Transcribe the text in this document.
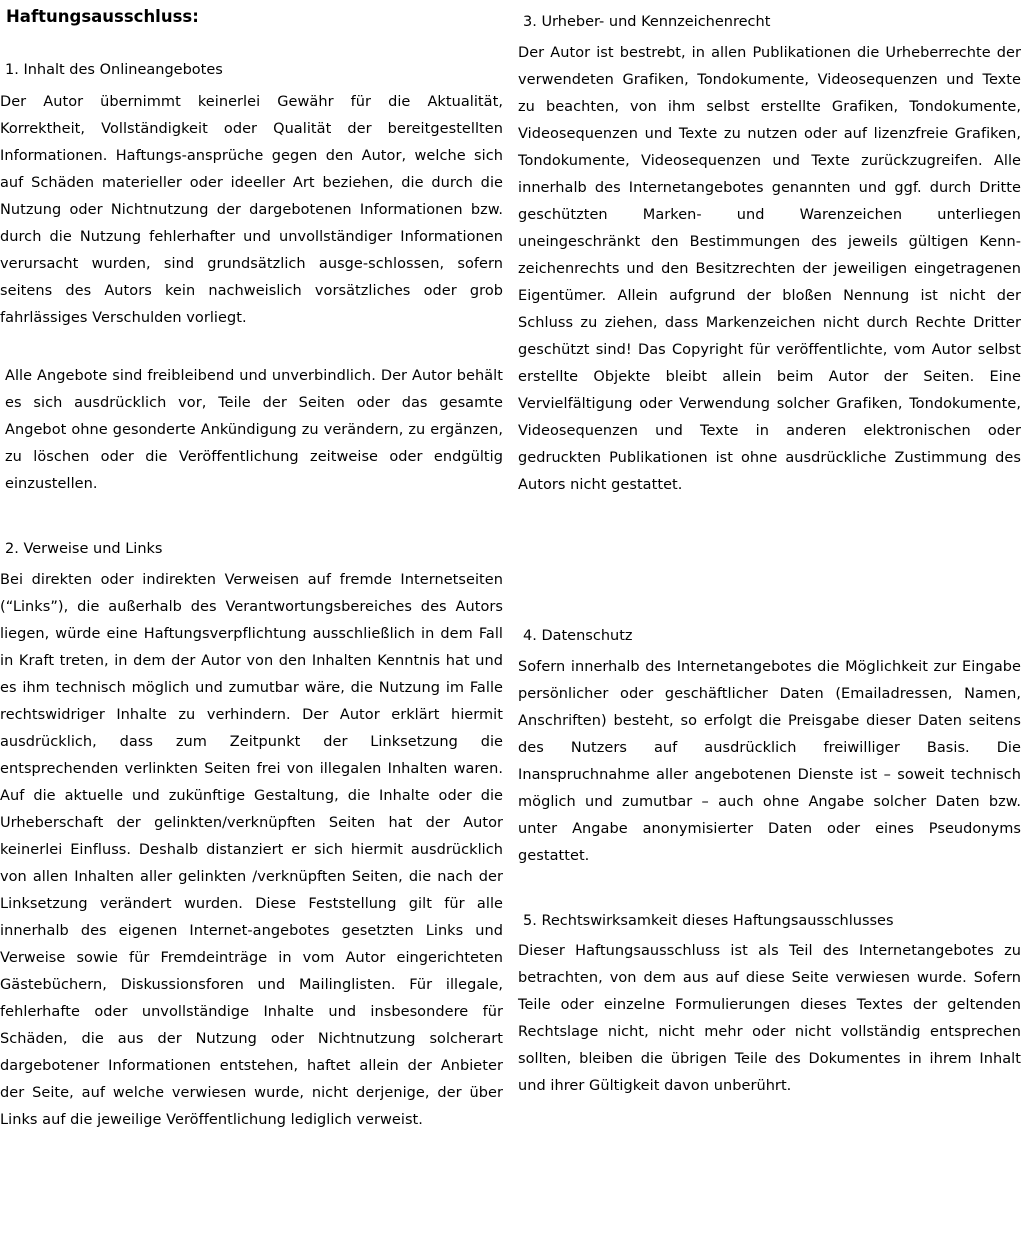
Haftungsausschluss:
1. Inhalt des Onlineangebotes

Der Autor übernimmt keinerlei Gewähr für die Aktualität, Korrektheit, Vollständigkeit oder Qualität der bereitgestellten Informationen. Haftungs-ansprüche gegen den Autor, welche sich auf Schäden materieller oder ideeller Art beziehen, die durch die Nutzung oder Nichtnutzung der dargebotenen Informationen bzw. durch die Nutzung fehlerhafter und unvollständiger Informationen verursacht wurden, sind grundsätzlich ausge-schlossen, sofern seitens des Autors kein nachweislich vorsätzliches oder grob fahrlässiges Verschulden vorliegt.

Alle Angebote sind freibleibend und unverbindlich. Der Autor behält es sich ausdrücklich vor, Teile der Seiten oder das gesamte Angebot ohne gesonderte Ankündigung zu verändern, zu ergänzen, zu löschen oder die Veröffentlichung zeitweise oder endgültig einzustellen.

2. Verweise und Links

Bei direkten oder indirekten Verweisen auf fremde Internetseiten (“Links”), die außerhalb des Verantwortungsbereiches des Autors liegen, würde eine Haftungsverpflichtung ausschließlich in dem Fall in Kraft treten, in dem der Autor von den Inhalten Kenntnis hat und es ihm technisch möglich und zumutbar wäre, die Nutzung im Falle rechtswidriger Inhalte zu verhindern. Der Autor erklärt hiermit ausdrücklich, dass zum Zeitpunkt der Linksetzung die entsprechenden verlinkten Seiten frei von illegalen Inhalten waren. Auf die aktuelle und zukünftige Gestaltung, die Inhalte oder die Urheberschaft der gelinkten/verknüpften Seiten hat der Autor keinerlei Einfluss. Deshalb distanziert er sich hiermit ausdrücklich von allen Inhalten aller gelinkten /verknüpften Seiten, die nach der Linksetzung verändert wurden. Diese Feststellung gilt für alle innerhalb des eigenen Internet-angebotes gesetzten Links und Verweise sowie für Fremdeinträge in vom Autor eingerichteten Gästebüchern, Diskussionsforen und Mailinglisten. Für illegale, fehlerhafte oder unvollständige Inhalte und insbesondere für Schäden, die aus der Nutzung oder Nichtnutzung solcherart dargebotener Informationen entstehen, haftet allein der Anbieter der Seite, auf welche verwiesen wurde, nicht derjenige, der über Links auf die jeweilige Veröffentlichung lediglich verweist.

3. Urheber- und Kennzeichenrecht

Der Autor ist bestrebt, in allen Publikationen die Urheberrechte der verwendeten Grafiken, Tondokumente, Videosequenzen und Texte zu beachten, von ihm selbst erstellte Grafiken, Tondokumente, Videosequenzen und Texte zu nutzen oder auf lizenzfreie Grafiken, Tondokumente, Videosequenzen und Texte zurückzugreifen. Alle innerhalb des Internetangebotes genannten und ggf. durch Dritte geschützten Marken- und Warenzeichen unterliegen uneingeschränkt den Bestimmungen des jeweils gültigen Kenn- zeichenrechts und den Besitzrechten der jeweiligen eingetragenen Eigentümer. Allein aufgrund der bloßen Nennung ist nicht der Schluss zu ziehen, dass Markenzeichen nicht durch Rechte Dritter geschützt sind! Das Copyright für veröffentlichte, vom Autor selbst erstellte Objekte bleibt allein beim Autor der Seiten. Eine Vervielfältigung oder Verwendung solcher Grafiken, Tondokumente, Videosequenzen und Texte in anderen elektronischen oder gedruckten Publikationen ist ohne ausdrückliche Zustimmung des Autors nicht gestattet.

4. Datenschutz

Sofern innerhalb des Internetangebotes die Möglichkeit zur Eingabe persönlicher oder geschäftlicher Daten (Emailadressen, Namen, Anschriften) besteht, so erfolgt die Preisgabe dieser Daten seitens des Nutzers auf ausdrücklich freiwilliger Basis. Die Inanspruchnahme aller angebotenen Dienste ist – soweit technisch möglich und zumutbar – auch ohne Angabe solcher Daten bzw. unter Angabe anonymisierter Daten oder eines Pseudonyms gestattet.

5. Rechtswirksamkeit dieses Haftungsausschlusses

Dieser Haftungsausschluss ist als Teil des Internetangebotes zu betrachten, von dem aus auf diese Seite verwiesen wurde. Sofern Teile oder einzelne Formulierungen dieses Textes der geltenden Rechtslage nicht, nicht mehr oder nicht vollständig entsprechen sollten, bleiben die übrigen Teile des Dokumentes in ihrem Inhalt und ihrer Gültigkeit davon unberührt.
